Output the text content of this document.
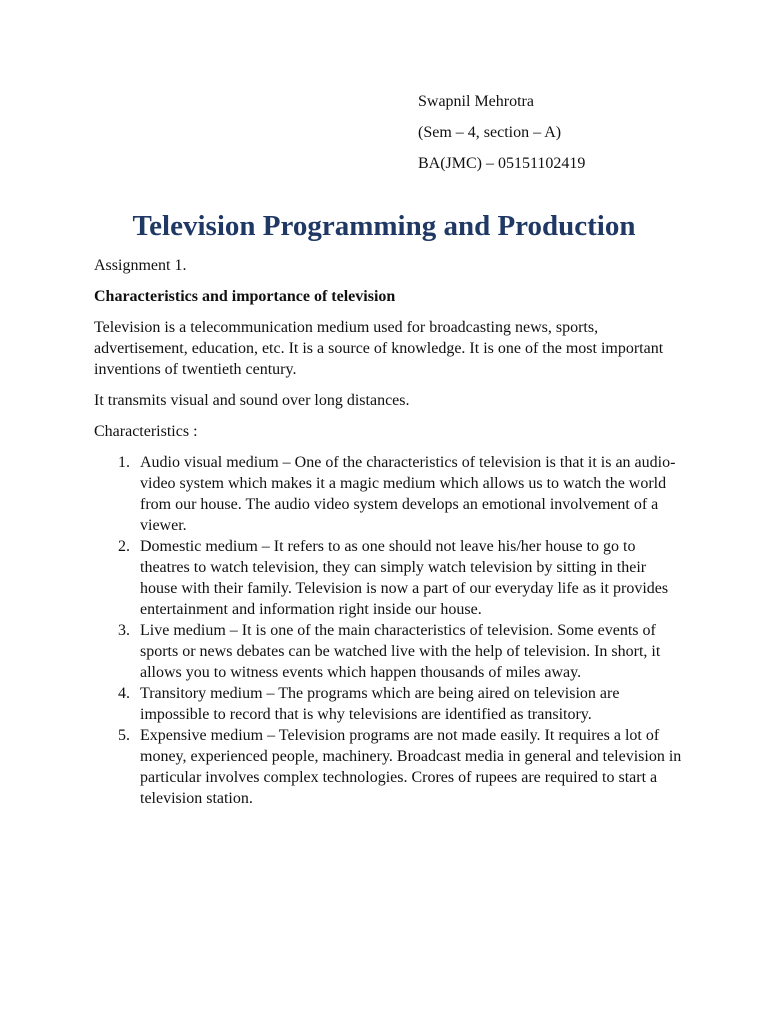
Swapnil Mehrotra
(Sem – 4, section – A)
BA(JMC) – 05151102419
Television Programming and Production

Assignment 1.

Characteristics and importance of television

Television is a telecommunication medium used for broadcasting news, sports, advertisement, education, etc. It is a source of knowledge. It is one of the most important inventions of twentieth century.

It transmits visual and sound over long distances.

Characteristics :

1. Audio visual medium – One of the characteristics of television is that it is an audio-video system which makes it a magic medium which allows us to watch the world from our house. The audio video system develops an emotional involvement of a viewer.
2. Domestic medium – It refers to as one should not leave his/her house to go to theatres to watch television, they can simply watch television by sitting in their house with their family. Television is now a part of our everyday life as it provides entertainment and information right inside our house.
3. Live medium – It is one of the main characteristics of television. Some events of sports or news debates can be watched live with the help of television. In short, it allows you to witness events which happen thousands of miles away.
4. Transitory medium – The programs which are being aired on television are impossible to record that is why televisions are identified as transitory.
5. Expensive medium – Television programs are not made easily. It requires a lot of money, experienced people, machinery. Broadcast media in general and television in particular involves complex technologies. Crores of rupees are required to start a television station.
